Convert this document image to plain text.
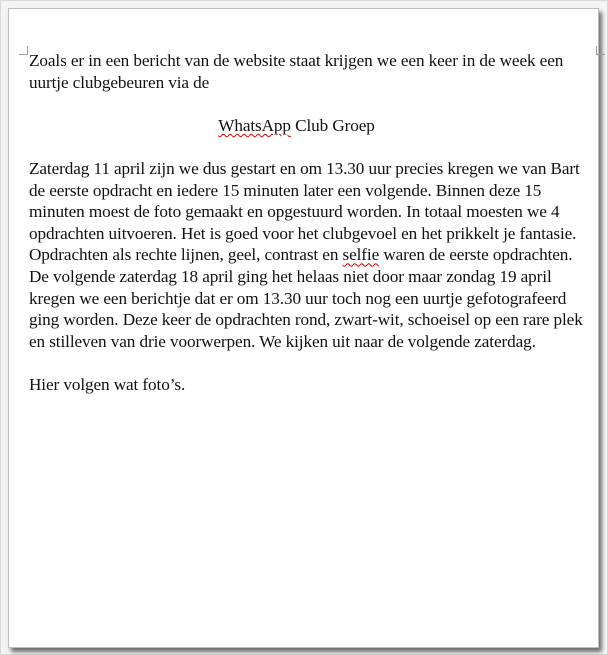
Zoals er in een bericht van de website staat krijgen we een keer in de week een uurtje clubgebeuren via de

WhatsApp Club Groep

Zaterdag 11 april zijn we dus gestart en om 13.30 uur precies kregen we van Bart de eerste opdracht en iedere 15 minuten later een volgende. Binnen deze 15 minuten moest de foto gemaakt en opgestuurd worden. In totaal moesten we 4 opdrachten uitvoeren. Het is goed voor het clubgevoel en het prikkelt je fantasie. Opdrachten als rechte lijnen, geel, contrast en selfie waren de eerste opdrachten.

De volgende zaterdag 18 april ging het helaas niet door maar zondag 19 april kregen we een berichtje dat er om 13.30 uur toch nog een uurtje gefotografeerd ging worden. Deze keer de opdrachten rond, zwart-wit, schoeisel op een rare plek en stilleven van drie voorwerpen. We kijken uit naar de volgende zaterdag.

Hier volgen wat foto’s.
